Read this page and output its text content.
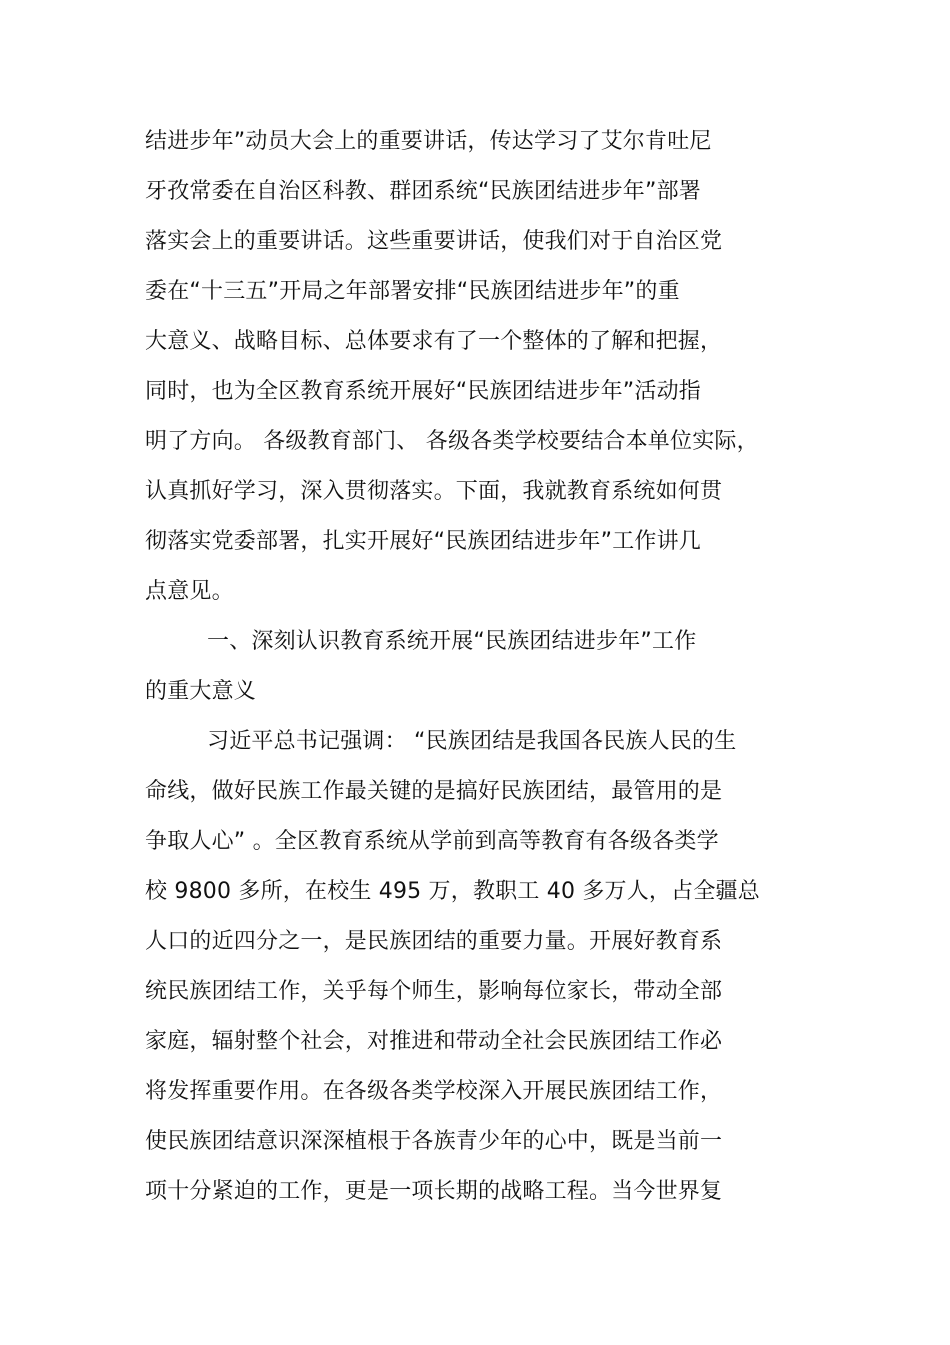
结进步年”动员大会上的重要讲话，传达学习了艾尔肯吐尼
牙孜常委在自治区科教、群团系统“民族团结进步年”部署
落实会上的重要讲话。这些重要讲话，使我们对于自治区党
委在“十三五”开局之年部署安排“民族团结进步年”的重
大意义、战略目标、总体要求有了一个整体的了解和把握，
同时，也为全区教育系统开展好“民族团结进步年”活动指
明了方向。 各级教育部门、 各级各类学校要结合本单位实际，
认真抓好学习，深入贯彻落实。下面，我就教育系统如何贯
彻落实党委部署，扎实开展好“民族团结进步年”工作讲几
点意见。
一、深刻认识教育系统开展“民族团结进步年”工作
的重大意义
习近平总书记强调： “民族团结是我国各民族人民的生
命线，做好民族工作最关键的是搞好民族团结，最管用的是
争取人心” 。全区教育系统从学前到高等教育有各级各类学
校 9800 多所，在校生 495 万，教职工 40 多万人，占全疆总
人口的近四分之一，是民族团结的重要力量。开展好教育系
统民族团结工作，关乎每个师生，影响每位家长，带动全部
家庭，辐射整个社会，对推进和带动全社会民族团结工作必
将发挥重要作用。在各级各类学校深入开展民族团结工作，
使民族团结意识深深植根于各族青少年的心中，既是当前一
项十分紧迫的工作，更是一项长期的战略工程。当今世界复
